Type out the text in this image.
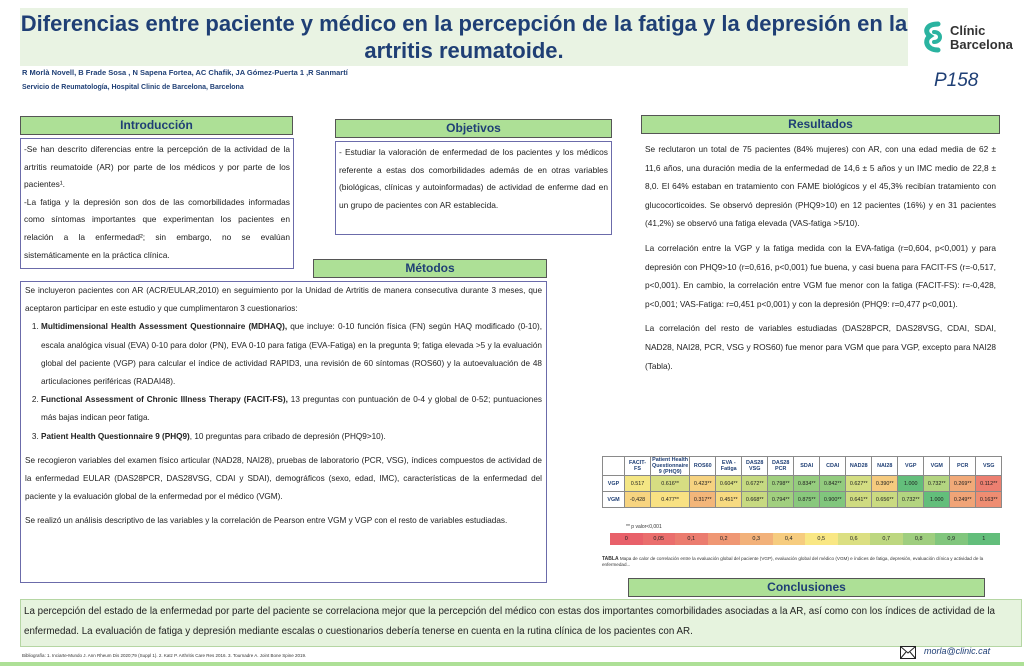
Diferencias entre paciente y médico en la percepción de la fatiga y la depresión en la artritis reumatoide.
R Morlà Novell, B Frade Sosa , N Sapena Fortea, AC Chafik, JA Gómez-Puerta 1 ,R Sanmartí
Servicio de Reumatología, Hospital Clinic de Barcelona, Barcelona
Clínic
Barcelona
P158
Introducción

-Se han descrito diferencias entre la percepción de la actividad de la artritis reumatoide (AR) por parte de los médicos y por parte de los pacientes¹.

-La fatiga y la depresión son dos de las comorbilidades informadas como síntomas importantes que experimentan los pacientes en relación a la enfermedad²; sin embargo, no se evalúan sistemáticamente en la práctica clínica.

Objetivos

- Estudiar la valoración de enfermedad de los pacientes y los médicos referente a estas dos comorbilidades además de en otras variables (biológicas, clínicas y autoinformadas) de actividad de enferme dad en un grupo de pacientes con AR establecida.

Métodos

Se incluyeron pacientes con AR (ACR/EULAR,2010) en seguimiento por la Unidad de Artritis de manera consecutiva durante 3 meses, que aceptaron participar en este estudio y que cumplimentaron 3 cuestionarios:

1. Multidimensional Health Assessment Questionnaire (MDHAQ), que incluye: 0-10 función física (FN) según HAQ modificado (0-10), escala analógica visual (EVA) 0-10 para dolor (PN), EVA 0-10 para fatiga (EVA-Fatiga) en la pregunta 9; fatiga elevada >5 y la evaluación global del paciente (VGP) para calcular el índice de actividad RAPID3, una revisión de 60 síntomas (ROS60) y la autoevaluación de 48 articulaciones periféricas (RADAI48).
2. Functional Assessment of Chronic Illness Therapy (FACIT-FS), 13 preguntas con puntuación de 0-4 y global de 0-52; puntuaciones más bajas indican peor fatiga.
3. Patient Health Questionnaire 9 (PHQ9), 10 preguntas para cribado de depresión (PHQ9>10).

Se recogieron variables del examen físico articular (NAD28, NAI28), pruebas de laboratorio (PCR, VSG), índices compuestos de actividad de la enfermedad EULAR (DAS28PCR, DAS28VSG, CDAI y SDAI), demográficos (sexo, edad, IMC), características de la enfermedad del paciente y la evaluación global de la enfermedad por el médico (VGM).

Se realizó un análisis descriptivo de las variables y la correlación de Pearson entre VGM y VGP con el resto de variables estudiadas.

Resultados

Se reclutaron un total de 75 pacientes (84% mujeres) con AR, con una edad media de 62 ± 11,6 años, una duración media de la enfermedad de 14,6 ± 5 años y un IMC medio de 22,8 ± 8,0. El 64% estaban en tratamiento con FAME biológicos y el 45,3% recibían tratamiento con glucocorticoides. Se observó depresión (PHQ9>10) en 12 pacientes (16%) y en 31 pacientes (41,2%) se observó una fatiga elevada (VAS-fatiga >5/10).

La correlación entre la VGP y la fatiga medida con la EVA-fatiga (r=0,604, p<0,001) y para depresión con PHQ9>10 (r=0,616, p<0,001) fue buena, y casi buena para FACIT-FS (r=-0,517, p<0,001). En cambio, la correlación entre VGM fue menor con la fatiga (FACIT-FS): r=-0,428, p<0,001; VAS-Fatiga: r=0,451 p<0,001) y con la depresión (PHQ9: r=0,477 p<0,001).

La correlación del resto de variables estudiadas (DAS28PCR, DAS28VSG, CDAI, SDAI, NAD28, NAI28, PCR, VSG y ROS60) fue menor para VGM que para VGP, excepto para NAI28 (Tabla).

	FACIT-FS	Patient Health Questionnaire 9 (PHQ9)	ROS60	EVA - Fatiga	DAS28 VSG	DAS28 PCR	SDAI	CDAI	NAD28	NAI28	VGP	VGM	PCR	VSG
VGP	0.517	0.616**	0.423**	0.604**	0.672**	0.798**	0.834**	0.842**	0.627**	0.390**	1.000	0.732**	0.269**	0.112**
VGM	-0,428	0.477**	0.317**	0.451**	0.668**	0.794**	0.875**	0.900**	0.641**	0.656**	0.732**	1.000	0.249**	0.163**
** p valor<0,001
0	0,05	0,1	0,2	0,3	0,4	0,5	0,6	0,7	0,8	0,9	1
TABLA Mapa de calor de correlación entre la evaluación global del paciente (VGP), evaluación global del médico (VGM) e índices de fatiga, depresión, evaluación clínica y actividad de la enfermedad...
Conclusiones
La percepción del estado de la enfermedad por parte del paciente se correlaciona mejor que la percepción del médico con estas dos importantes comorbilidades asociadas a la AR, así como con los índices de actividad de la enfermedad. La evaluación de fatiga y depresión mediante escalas o cuestionarios debería tenerse en cuenta en la rutina clínica de los pacientes con AR.
Bibliografía: 1. Inciarte-Mundo J. Ann Rheum Dis 2020;79 (Suppl 1). 2. Katz P. Arthritis Care Res 2016. 3. Tournadre A. Joint Bone Spine 2019.	morla@clinic.cat
